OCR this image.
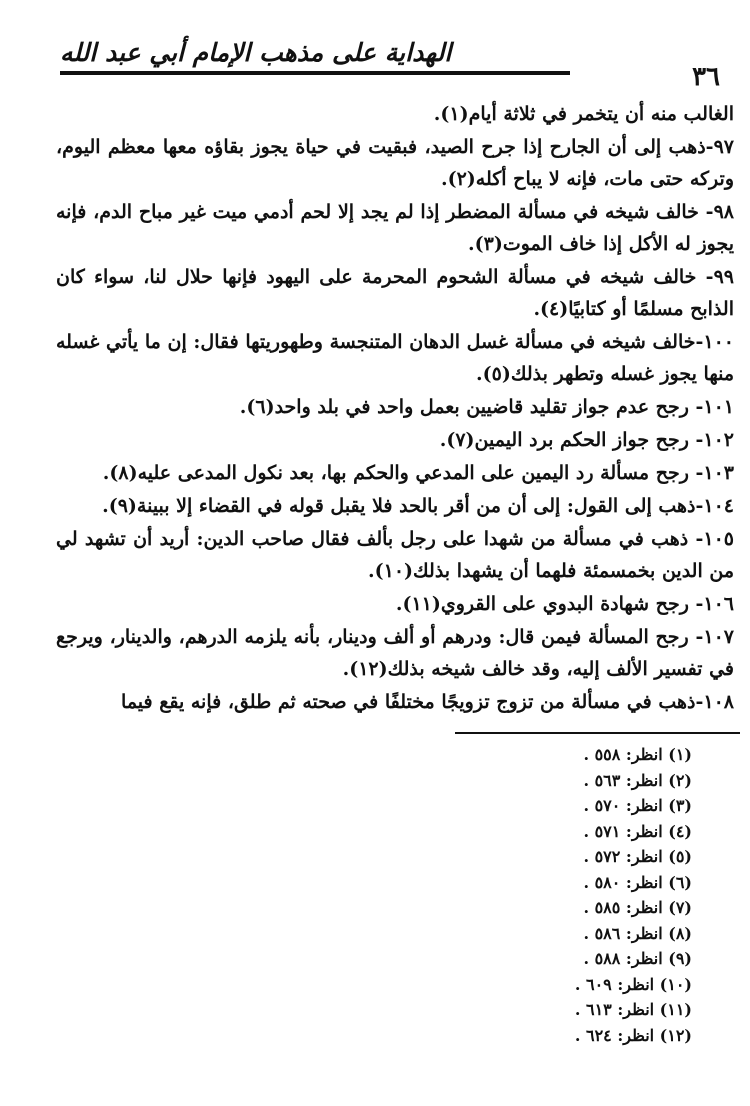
الهداية على مذهب الإمام أبي عبد الله
٣٦

الغالب منه أن يتخمر في ثلاثة أيام(١).

٩٧-ذهب إلى أن الجارح إذا جرح الصيد، فبقيت في حياة يجوز بقاؤه معها معظم اليوم، وتركه حتى مات، فإنه لا يباح أكله(٢).

٩٨- خالف شيخه في مسألة المضطر إذا لم يجد إلا لحم أدمي ميت غير مباح الدم، فإنه يجوز له الأكل إذا خاف الموت(٣).

٩٩- خالف شيخه في مسألة الشحوم المحرمة على اليهود فإنها حلال لنا، سواء كان الذابح مسلمًا أو كتابيًا(٤).

١٠٠-خالف شيخه في مسألة غسل الدهان المتنجسة وطهوريتها فقال: إن ما يأتي غسله منها يجوز غسله وتطهر بذلك(٥).

١٠١- رجح عدم جواز تقليد قاضيين بعمل واحد في بلد واحد(٦).

١٠٢- رجح جواز الحكم برد اليمين(٧).

١٠٣- رجح مسألة رد اليمين على المدعي والحكم بها، بعد نكول المدعى عليه(٨).

١٠٤-ذهب إلى القول: إلى أن من أقر بالحد فلا يقبل قوله في القضاء إلا ببينة(٩).

١٠٥- ذهب في مسألة من شهدا على رجل بألف فقال صاحب الدين: أريد أن تشهد لي من الدين بخمسمئة فلهما أن يشهدا بذلك(١٠).

١٠٦- رجح شهادة البدوي على القروي(١١).

١٠٧- رجح المسألة فيمن قال: ودرهم أو ألف ودينار، بأنه يلزمه الدرهم، والدينار، ويرجع في تفسير الألف إليه، وقد خالف شيخه بذلك(١٢).

١٠٨-ذهب في مسألة من تزوج تزويجًا مختلفًا في صحته ثم طلق، فإنه يقع فيما

(١) انظر: ٥٥٨ .
(٢) انظر: ٥٦٣ .
(٣) انظر: ٥٧٠ .
(٤) انظر: ٥٧١ .
(٥) انظر: ٥٧٢ .
(٦) انظر: ٥٨٠ .
(٧) انظر: ٥٨٥ .
(٨) انظر: ٥٨٦ .
(٩) انظر: ٥٨٨ .
(١٠) انظر: ٦٠٩ .
(١١) انظر: ٦١٣ .
(١٢) انظر: ٦٢٤ .
